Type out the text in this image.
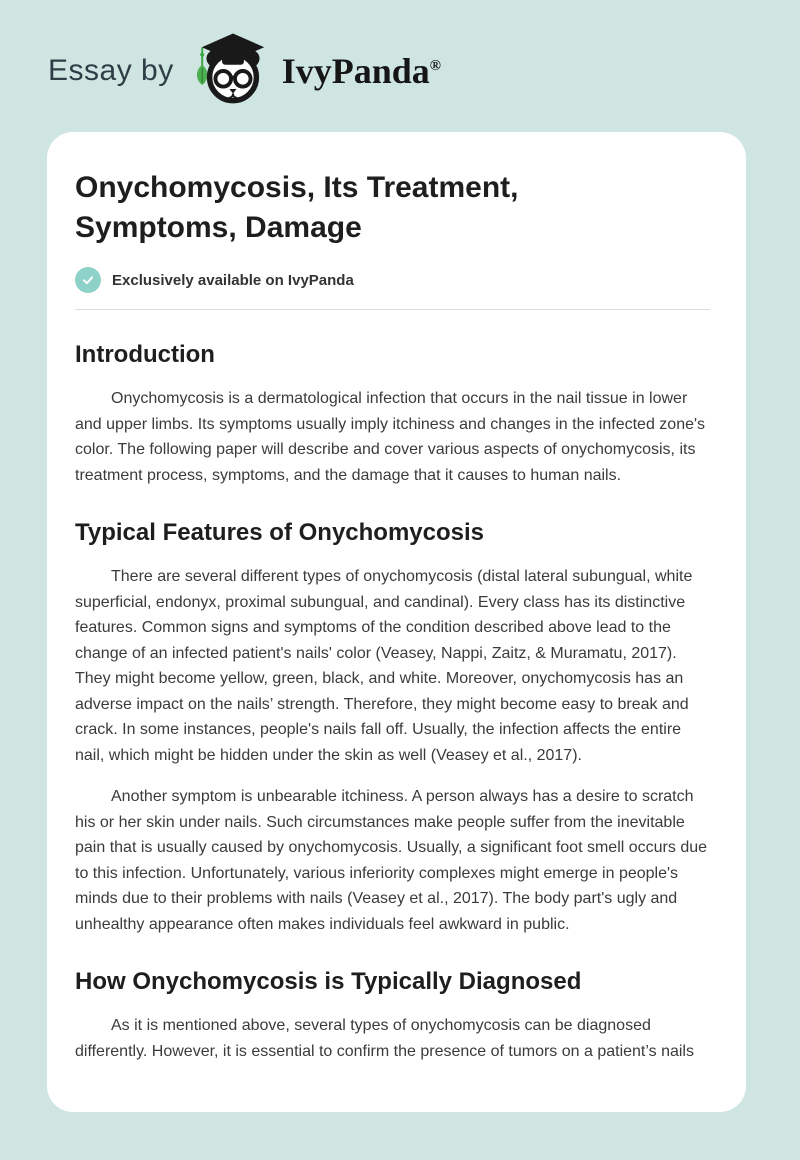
Essay by	IvyPanda®
Onychomycosis, Its Treatment, Symptoms, Damage
Exclusively available on IvyPanda
Introduction

Onychomycosis is a dermatological infection that occurs in the nail tissue in lower and upper limbs. Its symptoms usually imply itchiness and changes in the infected zone's color. The following paper will describe and cover various aspects of onychomycosis, its treatment process, symptoms, and the damage that it causes to human nails.

Typical Features of Onychomycosis

There are several different types of onychomycosis (distal lateral subungual, white superficial, endonyx, proximal subungual, and candinal). Every class has its distinctive features. Common signs and symptoms of the condition described above lead to the change of an infected patient's nails' color (Veasey, Nappi, Zaitz, & Muramatu, 2017). They might become yellow, green, black, and white. Moreover, onychomycosis has an adverse impact on the nails’ strength. Therefore, they might become easy to break and crack. In some instances, people's nails fall off. Usually, the infection affects the entire nail, which might be hidden under the skin as well (Veasey et al., 2017).

Another symptom is unbearable itchiness. A person always has a desire to scratch his or her skin under nails. Such circumstances make people suffer from the inevitable pain that is usually caused by onychomycosis. Usually, a significant foot smell occurs due to this infection. Unfortunately, various inferiority complexes might emerge in people's minds due to their problems with nails (Veasey et al., 2017). The body part's ugly and unhealthy appearance often makes individuals feel awkward in public.

How Onychomycosis is Typically Diagnosed

As it is mentioned above, several types of onychomycosis can be diagnosed differently. However, it is essential to confirm the presence of tumors on a patient’s nails
